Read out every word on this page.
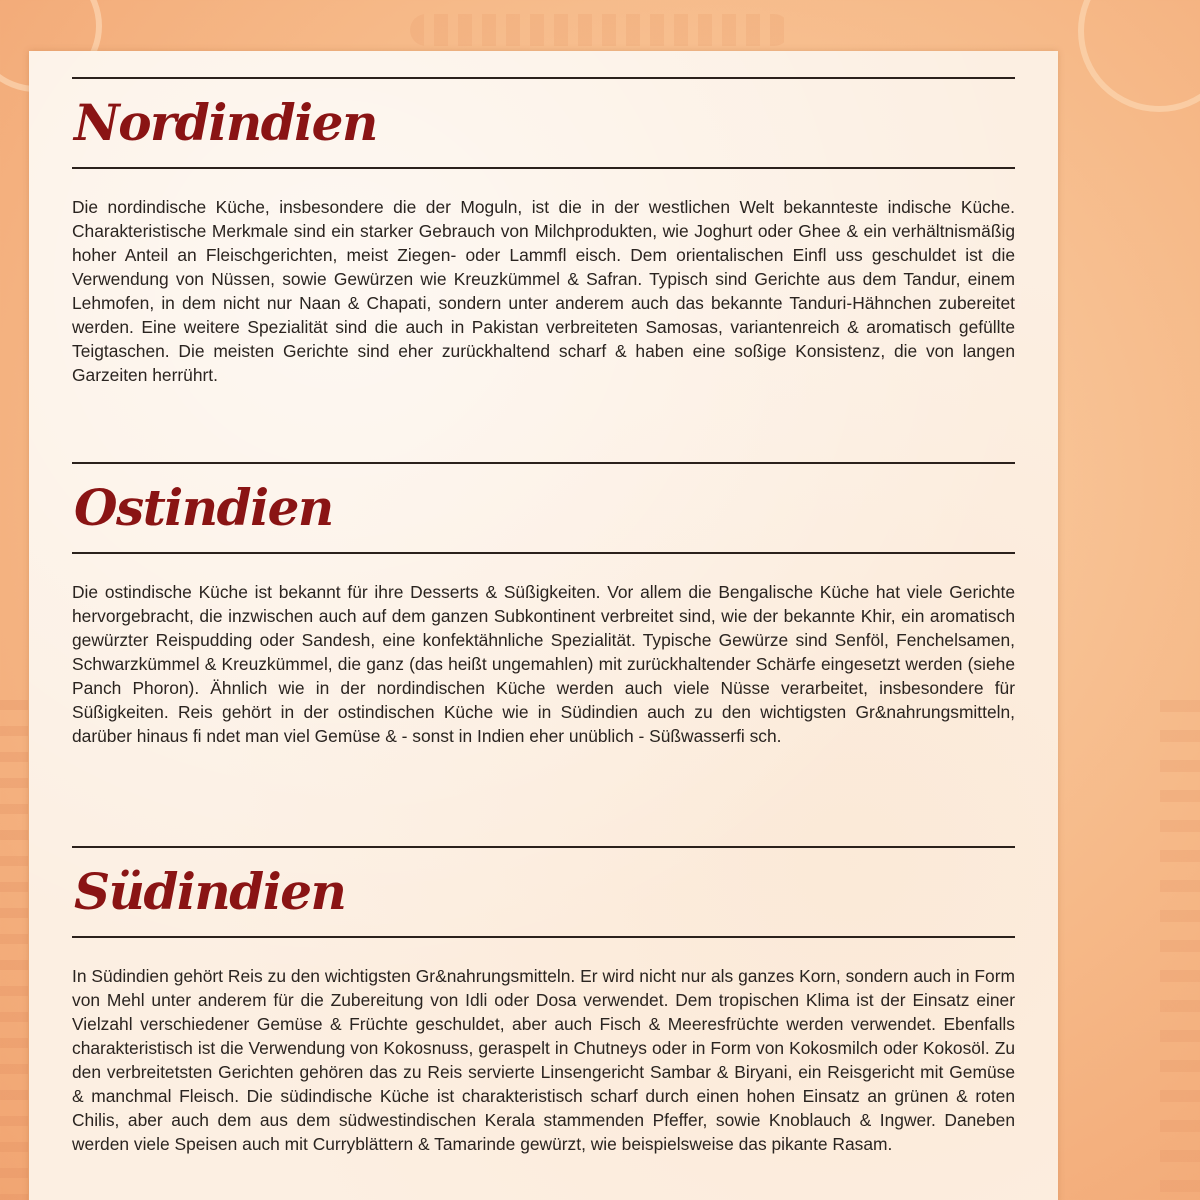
Nordindien

Die nordindische Küche, insbesondere die der Moguln, ist die in der westlichen Welt bekannteste indische Küche. Charakteristische Merkmale sind ein starker Gebrauch von Milchprodukten, wie Joghurt oder Ghee & ein verhältnismäßig hoher Anteil an Fleischgerichten, meist Ziegen- oder Lammfl eisch. Dem orientalischen Einfl uss geschuldet ist die Verwendung von Nüssen, sowie Gewürzen wie Kreuzkümmel & Safran. Typisch sind Gerichte aus dem Tandur, einem Lehmofen, in dem nicht nur Naan & Chapati, sondern unter anderem auch das bekannte Tanduri-Hähnchen zubereitet werden. Eine weitere Spezialität sind die auch in Pakistan verbreiteten Samosas, variantenreich & aromatisch gefüllte Teigtaschen. Die meisten Gerichte sind eher zurückhaltend scharf & haben eine soßige Konsistenz, die von langen Garzeiten herrührt.

Ostindien

Die ostindische Küche ist bekannt für ihre Desserts & Süßigkeiten. Vor allem die Bengalische Küche hat viele Gerichte hervorgebracht, die inzwischen auch auf dem ganzen Subkontinent verbreitet sind, wie der bekannte Khir, ein aromatisch gewürzter Reispudding oder Sandesh, eine konfektähnliche Spezialität. Typische Gewürze sind Senföl, Fenchelsamen, Schwarzkümmel & Kreuzkümmel, die ganz (das heißt ungemahlen) mit zurückhaltender Schärfe eingesetzt werden (siehe Panch Phoron). Ähnlich wie in der nordindischen Küche werden auch viele Nüsse verarbeitet, insbesondere für Süßigkeiten. Reis gehört in der ostindischen Küche wie in Südindien auch zu den wichtigsten Gr&nahrungsmitteln, darüber hinaus fi ndet man viel Gemüse & - sonst in Indien eher unüblich - Süßwasserfi sch.

Südindien

In Südindien gehört Reis zu den wichtigsten Gr&nahrungsmitteln. Er wird nicht nur als ganzes Korn, sondern auch in Form von Mehl unter anderem für die Zubereitung von Idli oder Dosa verwendet. Dem tropischen Klima ist der Einsatz einer Vielzahl verschiedener Gemüse & Früchte geschuldet, aber auch Fisch & Meeresfrüchte werden verwendet. Ebenfalls charakteristisch ist die Verwendung von Kokosnuss, geraspelt in Chutneys oder in Form von Kokosmilch oder Kokosöl. Zu den verbreitetsten Gerichten gehören das zu Reis servierte Linsengericht Sambar & Biryani, ein Reisgericht mit Gemüse & manchmal Fleisch. Die südindische Küche ist charakteristisch scharf durch einen hohen Einsatz an grünen & roten Chilis, aber auch dem aus dem südwestindischen Kerala stammenden Pfeffer, sowie Knoblauch & Ingwer. Daneben werden viele Speisen auch mit Curryblättern & Tamarinde gewürzt, wie beispielsweise das pikante Rasam.
